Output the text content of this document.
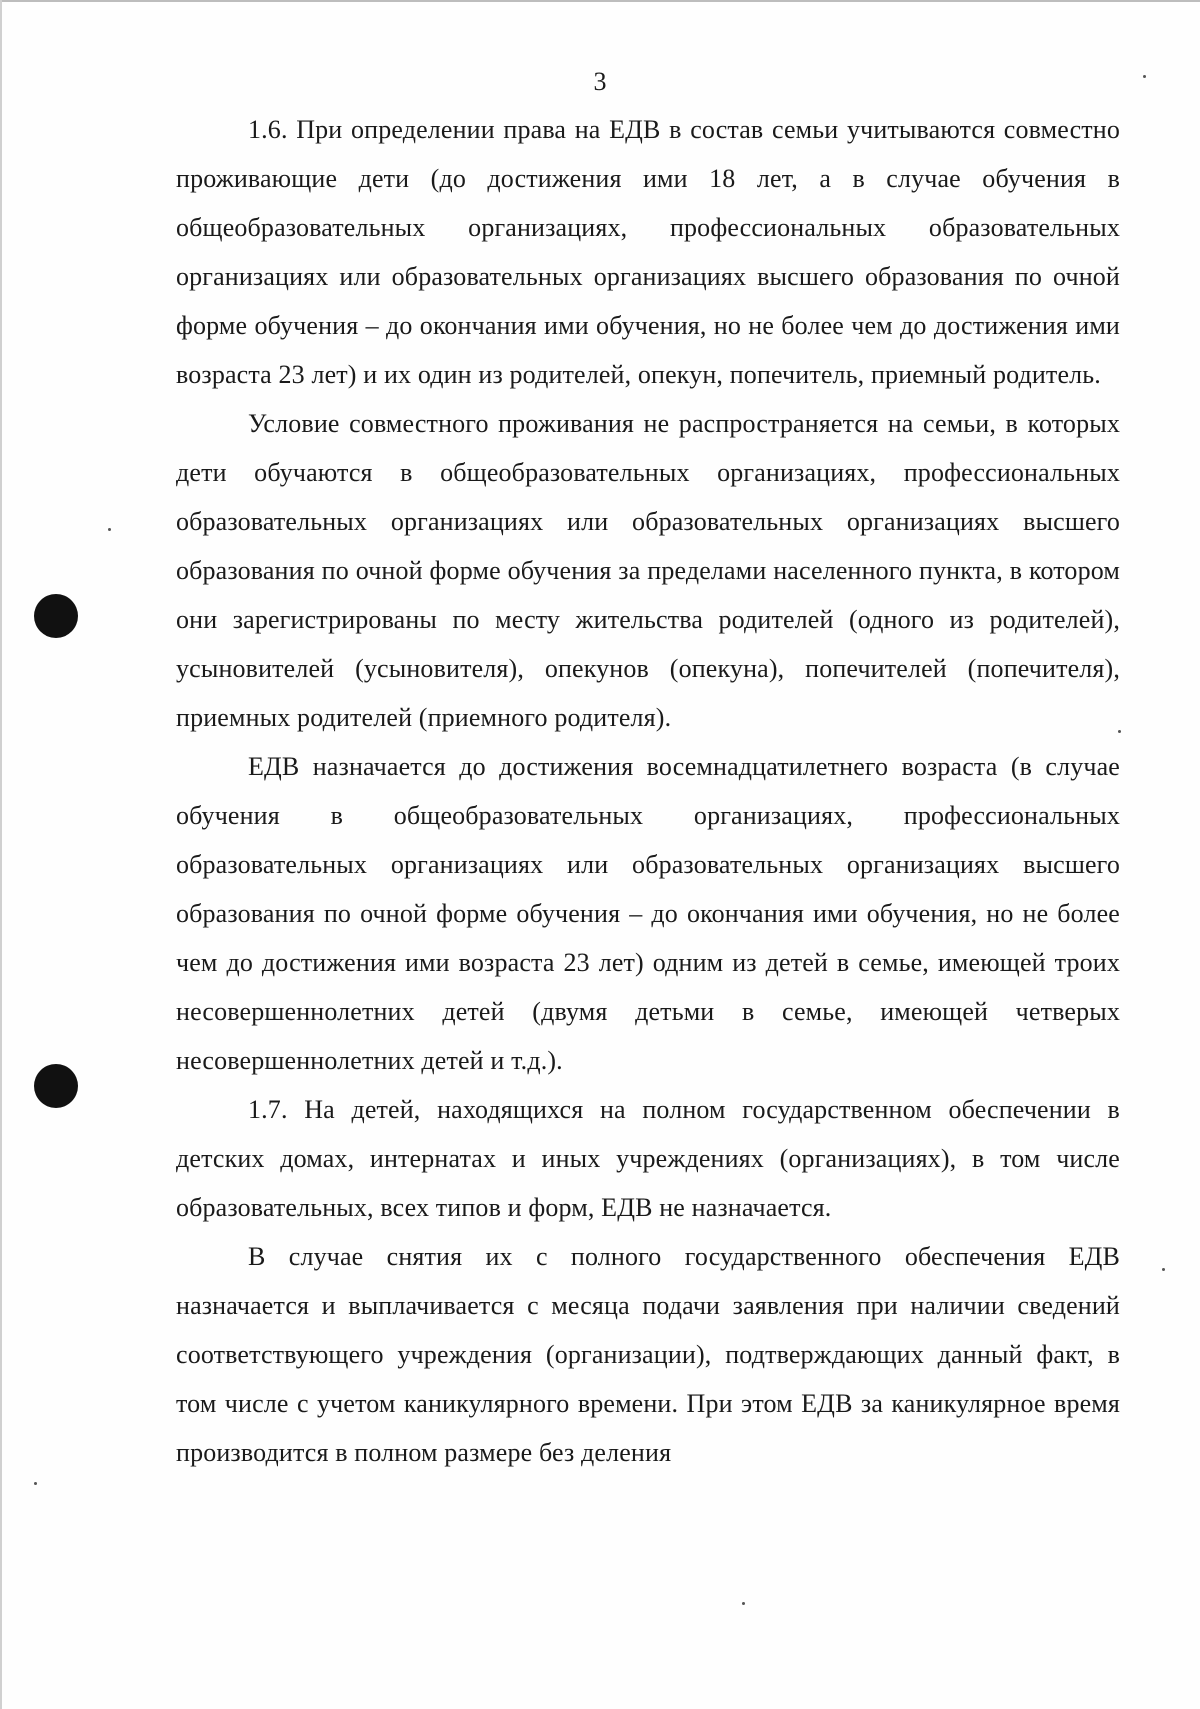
3

1.6. При определении права на ЕДВ в состав семьи учитываются совместно проживающие дети (до достижения ими 18 лет, а в случае обучения в общеобразовательных организациях, профессиональных образовательных организациях или образовательных организациях высшего образования по очной форме обучения – до окончания ими обучения, но не более чем до достижения ими возраста 23 лет) и их один из родителей, опекун, попечитель, приемный родитель.

Условие совместного проживания не распространяется на семьи, в которых дети обучаются в общеобразовательных организациях, профессиональных образовательных организациях или образовательных организациях высшего образования по очной форме обучения за пределами населенного пункта, в котором они зарегистрированы по месту жительства родителей (одного из родителей), усыновителей (усыновителя), опекунов (опекуна), попечителей (попечителя), приемных родителей (приемного родителя).

ЕДВ назначается до достижения восемнадцатилетнего возраста (в случае обучения в общеобразовательных организациях, профессиональных образовательных организациях или образовательных организациях высшего образования по очной форме обучения – до окончания ими обучения, но не более чем до достижения ими возраста 23 лет) одним из детей в семье, имеющей троих несовершеннолетних детей (двумя детьми в семье, имеющей четверых несовершеннолетних детей и т.д.).

1.7. На детей, находящихся на полном государственном обеспечении в детских домах, интернатах и иных учреждениях (организациях), в том числе образовательных, всех типов и форм, ЕДВ не назначается.

В случае снятия их с полного государственного обеспечения ЕДВ назначается и выплачивается с месяца подачи заявления при наличии сведений соответствующего учреждения (организации), подтверждающих данный факт, в том числе с учетом каникулярного времени. При этом ЕДВ за каникулярное время производится в полном размере без деления
